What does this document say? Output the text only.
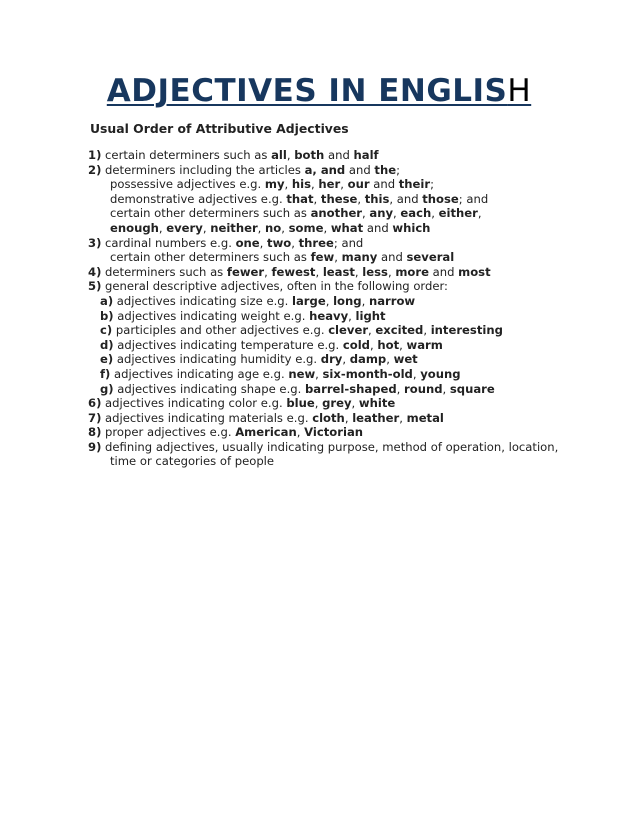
ADJECTIVES IN ENGLISH
Usual Order of Attributive Adjectives
1) certain determiners such as all, both and half
2) determiners including the articles a, and and the;
possessive adjectives e.g. my, his, her, our and their;
demonstrative adjectives e.g. that, these, this, and those; and
certain other determiners such as another, any, each, either,
enough, every, neither, no, some, what and which
3) cardinal numbers e.g. one, two, three; and
certain other determiners such as few, many and several
4) determiners such as fewer, fewest, least, less, more and most
5) general descriptive adjectives, often in the following order:
a) adjectives indicating size e.g. large, long, narrow
b) adjectives indicating weight e.g. heavy, light
c) participles and other adjectives e.g. clever, excited, interesting
d) adjectives indicating temperature e.g. cold, hot, warm
e) adjectives indicating humidity e.g. dry, damp, wet
f) adjectives indicating age e.g. new, six-month-old, young
g) adjectives indicating shape e.g. barrel-shaped, round, square
6) adjectives indicating color e.g. blue, grey, white
7) adjectives indicating materials e.g. cloth, leather, metal
8) proper adjectives e.g. American, Victorian
9) defining adjectives, usually indicating purpose, method of operation, location,
time or categories of people
